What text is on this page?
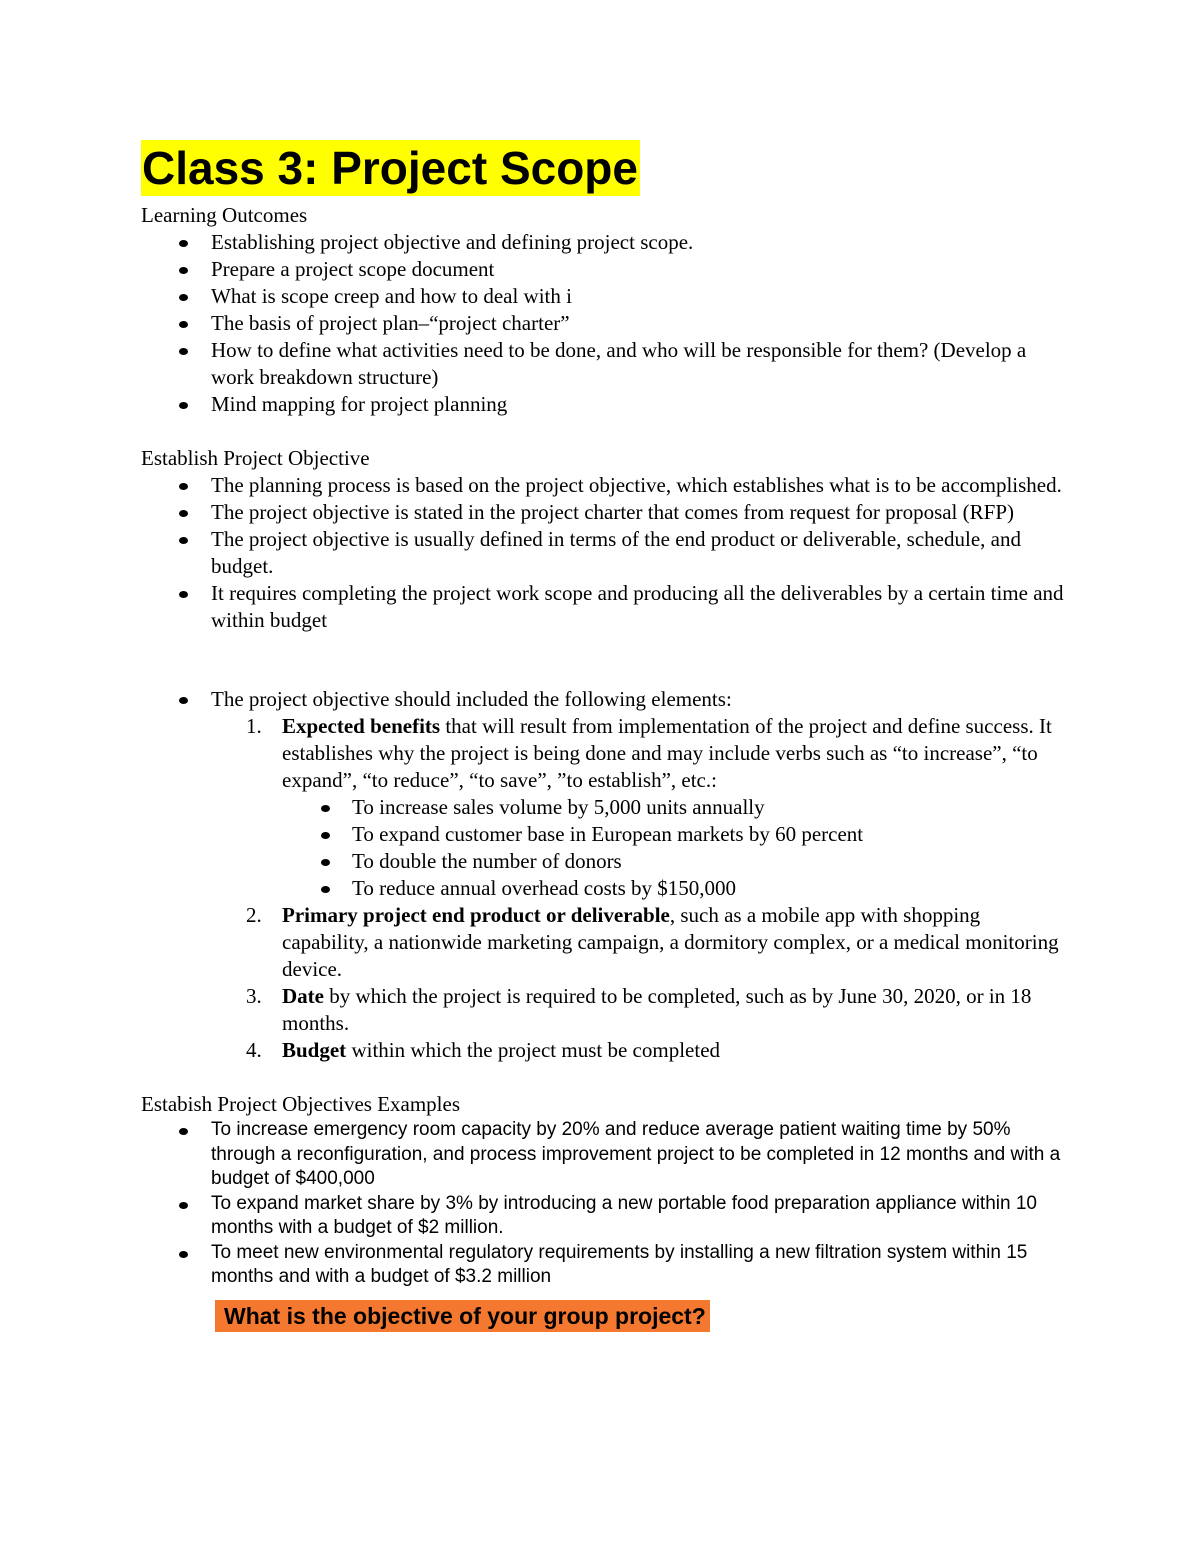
Class 3: Project Scope

Learning Outcomes

Establishing project objective and defining project scope.
Prepare a project scope document
What is scope creep and how to deal with i
The basis of project plan–“project charter”
How to define what activities need to be done, and who will be responsible for them? (Develop a work breakdown structure)
Mind mapping for project planning

Establish Project Objective

The planning process is based on the project objective, which establishes what is to be accomplished.
The project objective is stated in the project charter that comes from request for proposal (RFP)
The project objective is usually defined in terms of the end product or deliverable, schedule, and budget.
It requires completing the project work scope and producing all the deliverables by a certain time and within budget
The project objective should included the following elements:
1. Expected benefits that will result from implementation of the project and define success. It establishes why the project is being done and may include verbs such as “to increase”, “to expand”, “to reduce”, “to save”, ”to establish”, etc.:
To increase sales volume by 5,000 units annually
To expand customer base in European markets by 60 percent
To double the number of donors
To reduce annual overhead costs by $150,000
2. Primary project end product or deliverable, such as a mobile app with shopping capability, a nationwide marketing campaign, a dormitory complex, or a medical monitoring device.
3. Date by which the project is required to be completed, such as by June 30, 2020, or in 18 months.
4. Budget within which the project must be completed

Estabish Project Objectives Examples

To increase emergency room capacity by 20% and reduce average patient waiting time by 50% through a reconfiguration, and process improvement project to be completed in 12 months and with a budget of $400,000
To expand market share by 3% by introducing a new portable food preparation appliance within 10 months with a budget of $2 million.
To meet new environmental regulatory requirements by installing a new filtration system within 15 months and with a budget of $3.2 million
What is the objective of your group project?
